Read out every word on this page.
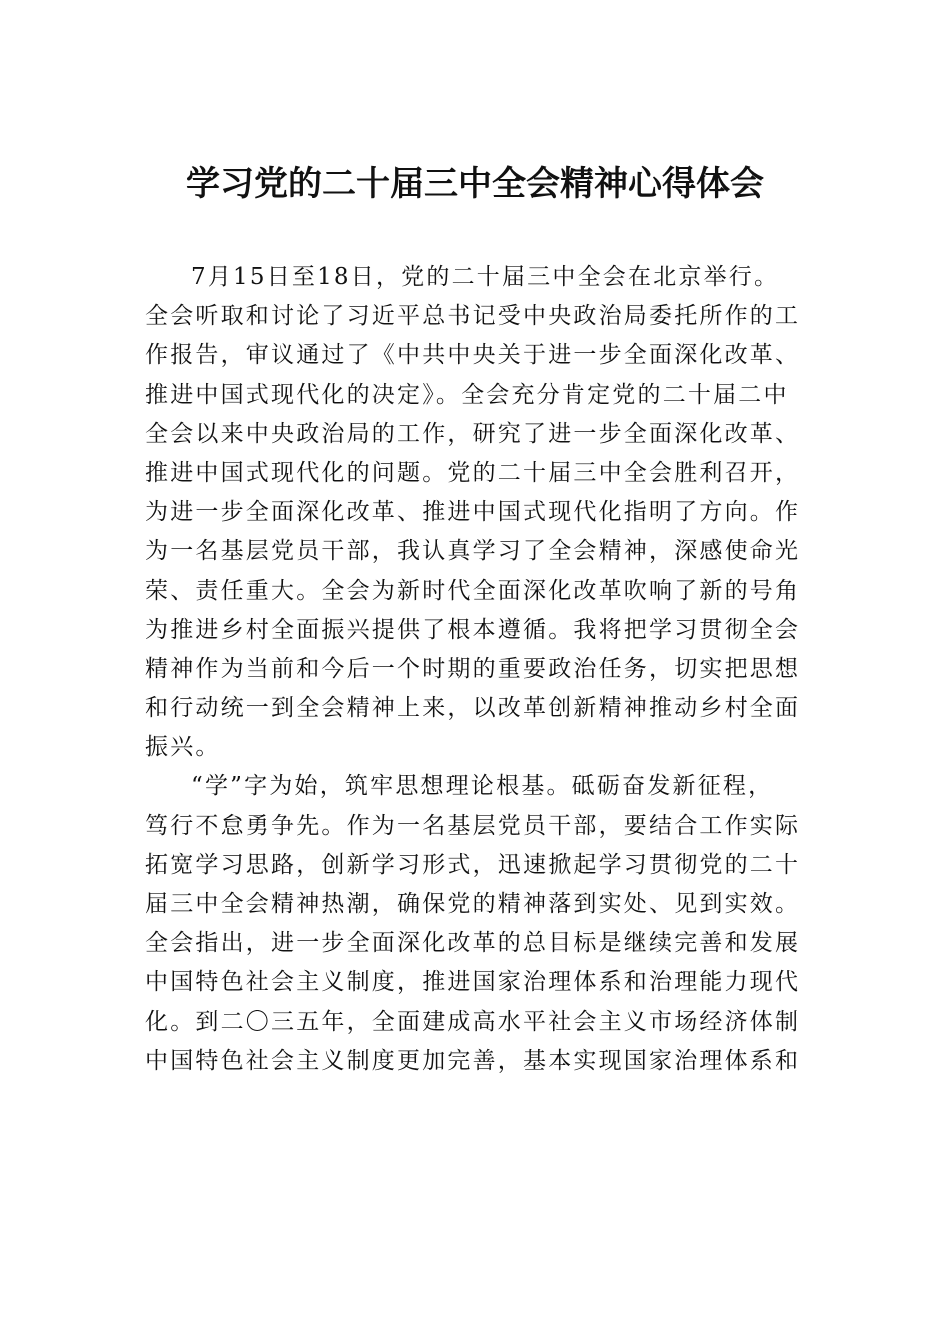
学习党的二十届三中全会精神心得体会
7月15日至18日，党的二十届三中全会在北京举行。
全会听取和讨论了习近平总书记受中央政治局委托所作的工
作报告，审议通过了《中共中央关于进一步全面深化改革、
推进中国式现代化的决定》。全会充分肯定党的二十届二中
全会以来中央政治局的工作，研究了进一步全面深化改革、
推进中国式现代化的问题。党的二十届三中全会胜利召开，
为进一步全面深化改革、推进中国式现代化指明了方向。作
为一名基层党员干部，我认真学习了全会精神，深感使命光
荣、责任重大。全会为新时代全面深化改革吹响了新的号角
为推进乡村全面振兴提供了根本遵循。我将把学习贯彻全会
精神作为当前和今后一个时期的重要政治任务，切实把思想
和行动统一到全会精神上来，以改革创新精神推动乡村全面
振兴。
“学”字为始，筑牢思想理论根基。砥砺奋发新征程，
笃行不怠勇争先。作为一名基层党员干部，要结合工作实际
拓宽学习思路，创新学习形式，迅速掀起学习贯彻党的二十
届三中全会精神热潮，确保党的精神落到实处、见到实效。
全会指出，进一步全面深化改革的总目标是继续完善和发展
中国特色社会主义制度，推进国家治理体系和治理能力现代
化。到二〇三五年，全面建成高水平社会主义市场经济体制
中国特色社会主义制度更加完善，基本实现国家治理体系和
